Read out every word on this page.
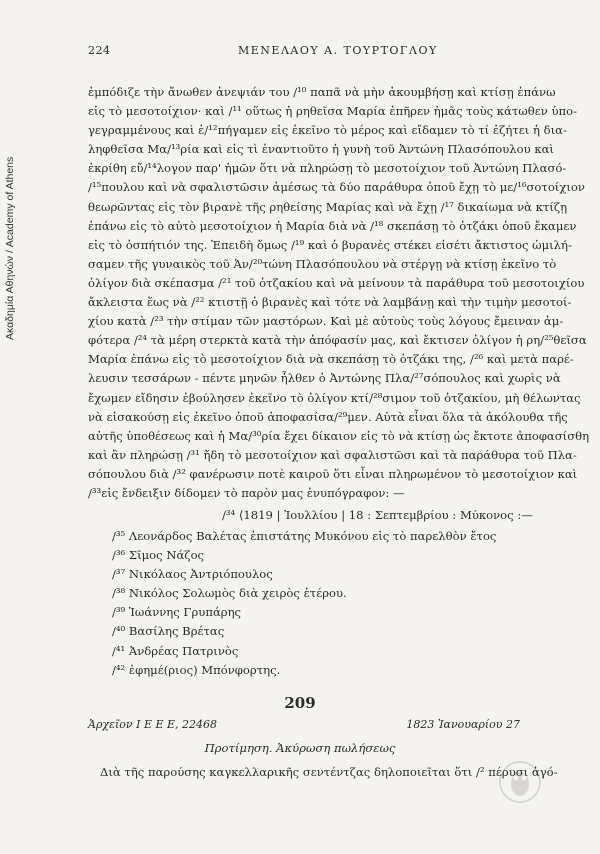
Ακαδημία Αθηνών / Academy of Athens
224	ΜΕΝΕΛΑΟΥ Α. ΤΟΥΡΤΟΓΛΟΥ
ἐμπόδιζε τὴν ἄνωθεν ἀνεψιάν του /¹⁰ παπᾶ νὰ μὴν ἀκουμβήσῃ καὶ κτίσῃ ἐπάνω
εἰς τὸ μεσοτοίχιον· καὶ /¹¹ οὕτως ἡ ρηθεῖσα Μαρία ἐπῆρεν ἡμᾶς τοὺς κάτωθεν ὑπο-
γεγραμμένους καὶ ἐ/¹²πήγαμεν εἰς ἐκεῖνο τὸ μέρος καὶ εἴδαμεν τὸ τί ἐζήτει ἡ δια-
ληφθεῖσα Μα/¹³ρία καὶ εἰς τὶ ἐναντιοῦτο ἡ γυνὴ τοῦ Ἀντώνη Πλασόπουλου καὶ
ἐκρίθη εὔ/¹⁴λογον παρ' ἡμῶν ὅτι νὰ πληρώσῃ τὸ μεσοτοίχιον τοῦ Ἀντώνη Πλασό-
/¹⁵πουλου καὶ νὰ σφαλιστῶσιν ἀμέσως τὰ δύο παράθυρα ὁποῦ ἔχῃ τὸ με/¹⁶σοτοίχιον
θεωρῶντας εἰς τὸν βιρανὲ τῆς ρηθείσης Μαρίας καὶ νὰ ἔχῃ /¹⁷ δικαίωμα νὰ κτίζῃ
ἐπάνω εἰς τὸ αὐτὸ μεσοτοίχιον ἡ Μαρία διὰ νὰ /¹⁸ σκεπάσῃ τὸ ὀτζάκι ὁποῦ ἔκαμεν
εἰς τὸ ὀσπήτιόν της. Ἐπειδὴ ὅμως /¹⁹ καὶ ὁ βυρανὲς στέκει εἰσέτι ἄκτιστος ὡμιλή-
σαμεν τῆς γυναικὸς τοῦ Ἀν/²⁰τώνη Πλασόπουλου νὰ στέργῃ νὰ κτίσῃ ἐκεῖνο τὸ
ὀλίγον διὰ σκέπασμα /²¹ τοῦ ὀτζακίου καὶ νὰ μείνουν τὰ παράθυρα τοῦ μεσοτοιχίου
ἄκλειστα ἕως νὰ /²² κτιστῇ ὁ βιρανὲς καὶ τότε νὰ λαμβάνῃ καὶ τὴν τιμὴν μεσοτοί-
χίου κατὰ /²³ τὴν στίμαν τῶν μαστόρων. Καὶ μὲ αὐτοὺς τοὺς λόγους ἔμειναν ἀμ-
φότερα /²⁴ τὰ μέρη στερκτὰ κατὰ τὴν ἀπόφασίν μας, καὶ ἔκτισεν ὀλίγον ἡ ρη/²⁵θεῖσα
Μαρία ἐπάνω εἰς τὸ μεσοτοίχιον διὰ νὰ σκεπάσῃ τὸ ὀτζάκι της, /²⁶ καὶ μετὰ παρέ-
λευσιν τεσσάρων - πέντε μηνῶν ἦλθεν ὁ Ἀντώνης Πλα/²⁷σόπουλος καὶ χωρὶς νὰ
ἔχωμεν εἴδησιν ἐβούλησεν ἐκεῖνο τὸ ὀλίγον κτί/²⁸σιμον τοῦ ὀτζακίου, μὴ θέλωντας
νὰ εἰσακούσῃ εἰς ἐκεῖνο ὁποῦ ἀποφασίσα/²⁹μεν. Αὐτὰ εἶναι ὅλα τὰ ἀκόλουθα τῆς
αὐτῆς ὑποθέσεως καὶ ἡ Μα/³⁰ρία ἔχει δίκαιον εἰς τὸ νὰ κτίσῃ ὡς ἔκτοτε ἀποφασίσθη
καὶ ἂν πληρώσῃ /³¹ ἤδη τὸ μεσοτοίχιον καὶ σφαλιστῶσι καὶ τὰ παράθυρα τοῦ Πλα-
σόπουλου διὰ /³² φανέρωσιν ποτὲ καιροῦ ὅτι εἶναι πληρωμένον τὸ μεσοτοίχιον καὶ
/³³εἰς ἔνδειξιν δίδομεν τὸ παρὸν μας ἐνυπόγραφον: —
/³⁴ ⟨1819 | Ἰουλλίου | 18 : Σεπτεμβρίου : Μύκονος :—
/³⁵ Λεονάρδος Βαλέτας ἐπιστάτης Μυκόνου εἰς τὸ παρελθὸν ἔτος
/³⁶ Σῖμος Νάζος
/³⁷ Νικόλαος Ἀντριόπουλος
/³⁸ Νικόλος Σολωμὸς διὰ χειρὸς ἑτέρου.
/³⁹ Ἰωάννης Γρυπάρης
/⁴⁰ Βασίλης Βρέτας
/⁴¹ Ἀνδρέας Πατρινὸς
/⁴² ἐφημέ(ριος) Μπόνφορτης.
209
Ἀρχεῖον Ι Ε Ε Ε, 22468	1823 Ἰανουαρίου 27
Προτίμηση. Ἀκύρωση πωλήσεως
Διὰ τῆς παρούσης καγκελλαρικῆς σεντέντζας δηλοποιεῖται ὅτι /² πέρυσι ἀγό-
